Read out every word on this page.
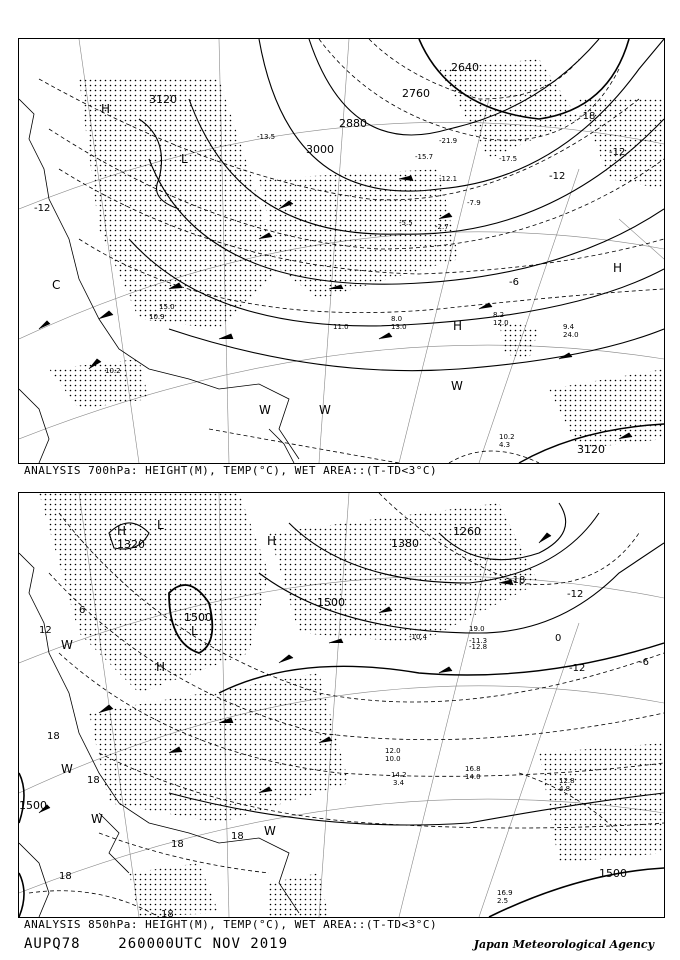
2640
2760
2880
3000
3120
3120
-12
-12
-6
-18
-12
H
L
H
H
W
W
W
C
-21.9
-17.5
-15.7
-13.5
-12.1
-7.9
-5.5	-2.7
8.2
12.0	9.4
24.0
10.2
4.3
8.0
13.0
11.0
10.9
15.0
10.2
ANALYSIS 700hPa: HEIGHT(M), TEMP(°C), WET AREA::(T-TD<3°C)
1320
1500
1500
1380
1260
1500
1500
-12
-18
0
-12
-6
18
18
18
18
18
18
12
6
H	L
H
L
H
W
W
W
W
-10.4
-12.8
-11.3
19.0
16.8
14.0	12.8
4.8
14.2
3.4
12.0
10.0
16.9
2.5
ANALYSIS 850hPa: HEIGHT(M), TEMP(°C), WET AREA::(T-TD<3°C)
AUPQ78	260000UTC NOV 2019	Japan Meteorological Agency
